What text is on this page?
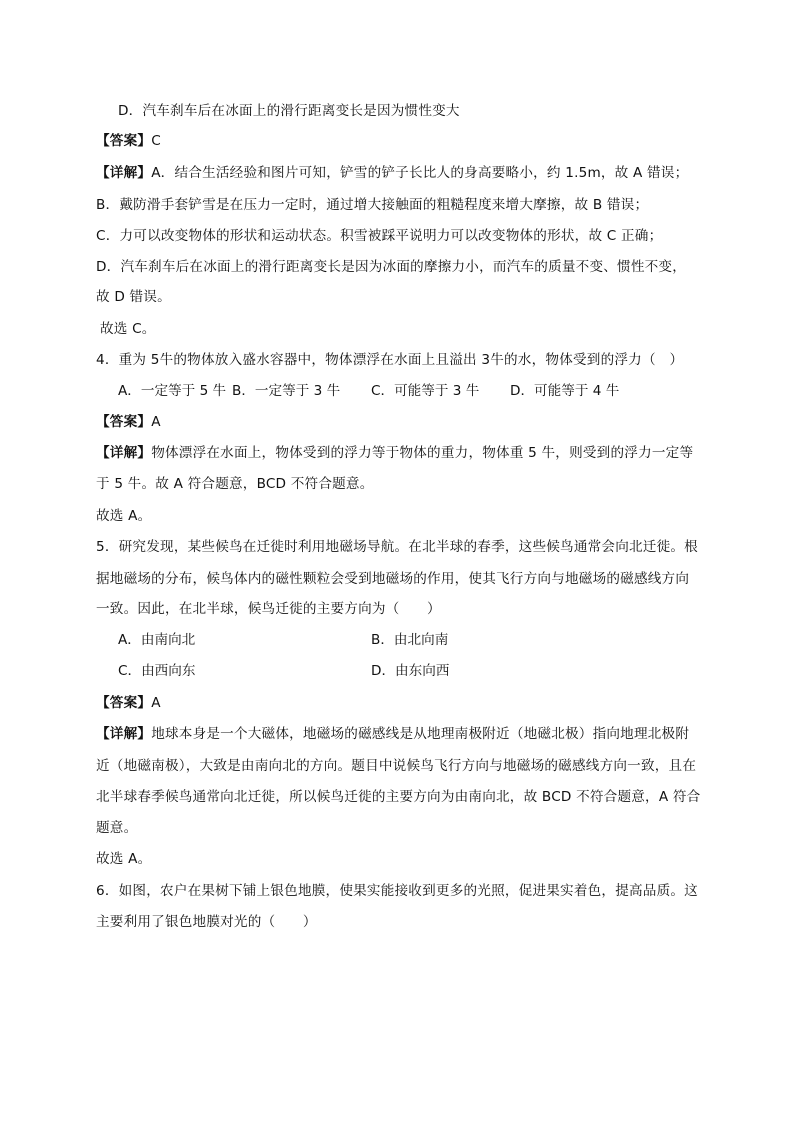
D．汽车刹车后在冰面上的滑行距离变长是因为惯性变大
【答案】C
【详解】A．结合生活经验和图片可知，铲雪的铲子长比人的身高要略小，约 1.5m，故 A 错误；
B．戴防滑手套铲雪是在压力一定时，通过增大接触面的粗糙程度来增大摩擦，故 B 错误；
C．力可以改变物体的形状和运动状态。积雪被踩平说明力可以改变物体的形状，故 C 正确；
D．汽车刹车后在冰面上的滑行距离变长是因为冰面的摩擦力小，而汽车的质量不变、惯性不变，
故 D 错误。
故选 C。
4．重为 5牛的物体放入盛水容器中，物体漂浮在水面上且溢出 3牛的水，物体受到的浮力（　）
A．一定等于 5 牛 B．一定等于 3 牛 C．可能等于 3 牛 D．可能等于 4 牛
【答案】A
【详解】物体漂浮在水面上，物体受到的浮力等于物体的重力，物体重 5 牛，则受到的浮力一定等
于 5 牛。故 A 符合题意，BCD 不符合题意。
故选 A。
5．研究发现，某些候鸟在迁徙时利用地磁场导航。在北半球的春季，这些候鸟通常会向北迁徙。根
据地磁场的分布，候鸟体内的磁性颗粒会受到地磁场的作用，使其飞行方向与地磁场的磁感线方向
一致。因此，在北半球，候鸟迁徙的主要方向为（　　）
A．由南向北	B．由北向南
C．由西向东	D．由东向西
【答案】A
【详解】地球本身是一个大磁体，地磁场的磁感线是从地理南极附近（地磁北极）指向地理北极附
近（地磁南极），大致是由南向北的方向。题目中说候鸟飞行方向与地磁场的磁感线方向一致，且在
北半球春季候鸟通常向北迁徙，所以候鸟迁徙的主要方向为由南向北，故 BCD 不符合题意，A 符合
题意。
故选 A。
6．如图，农户在果树下铺上银色地膜，使果实能接收到更多的光照，促进果实着色，提高品质。这
主要利用了银色地膜对光的（　　）
